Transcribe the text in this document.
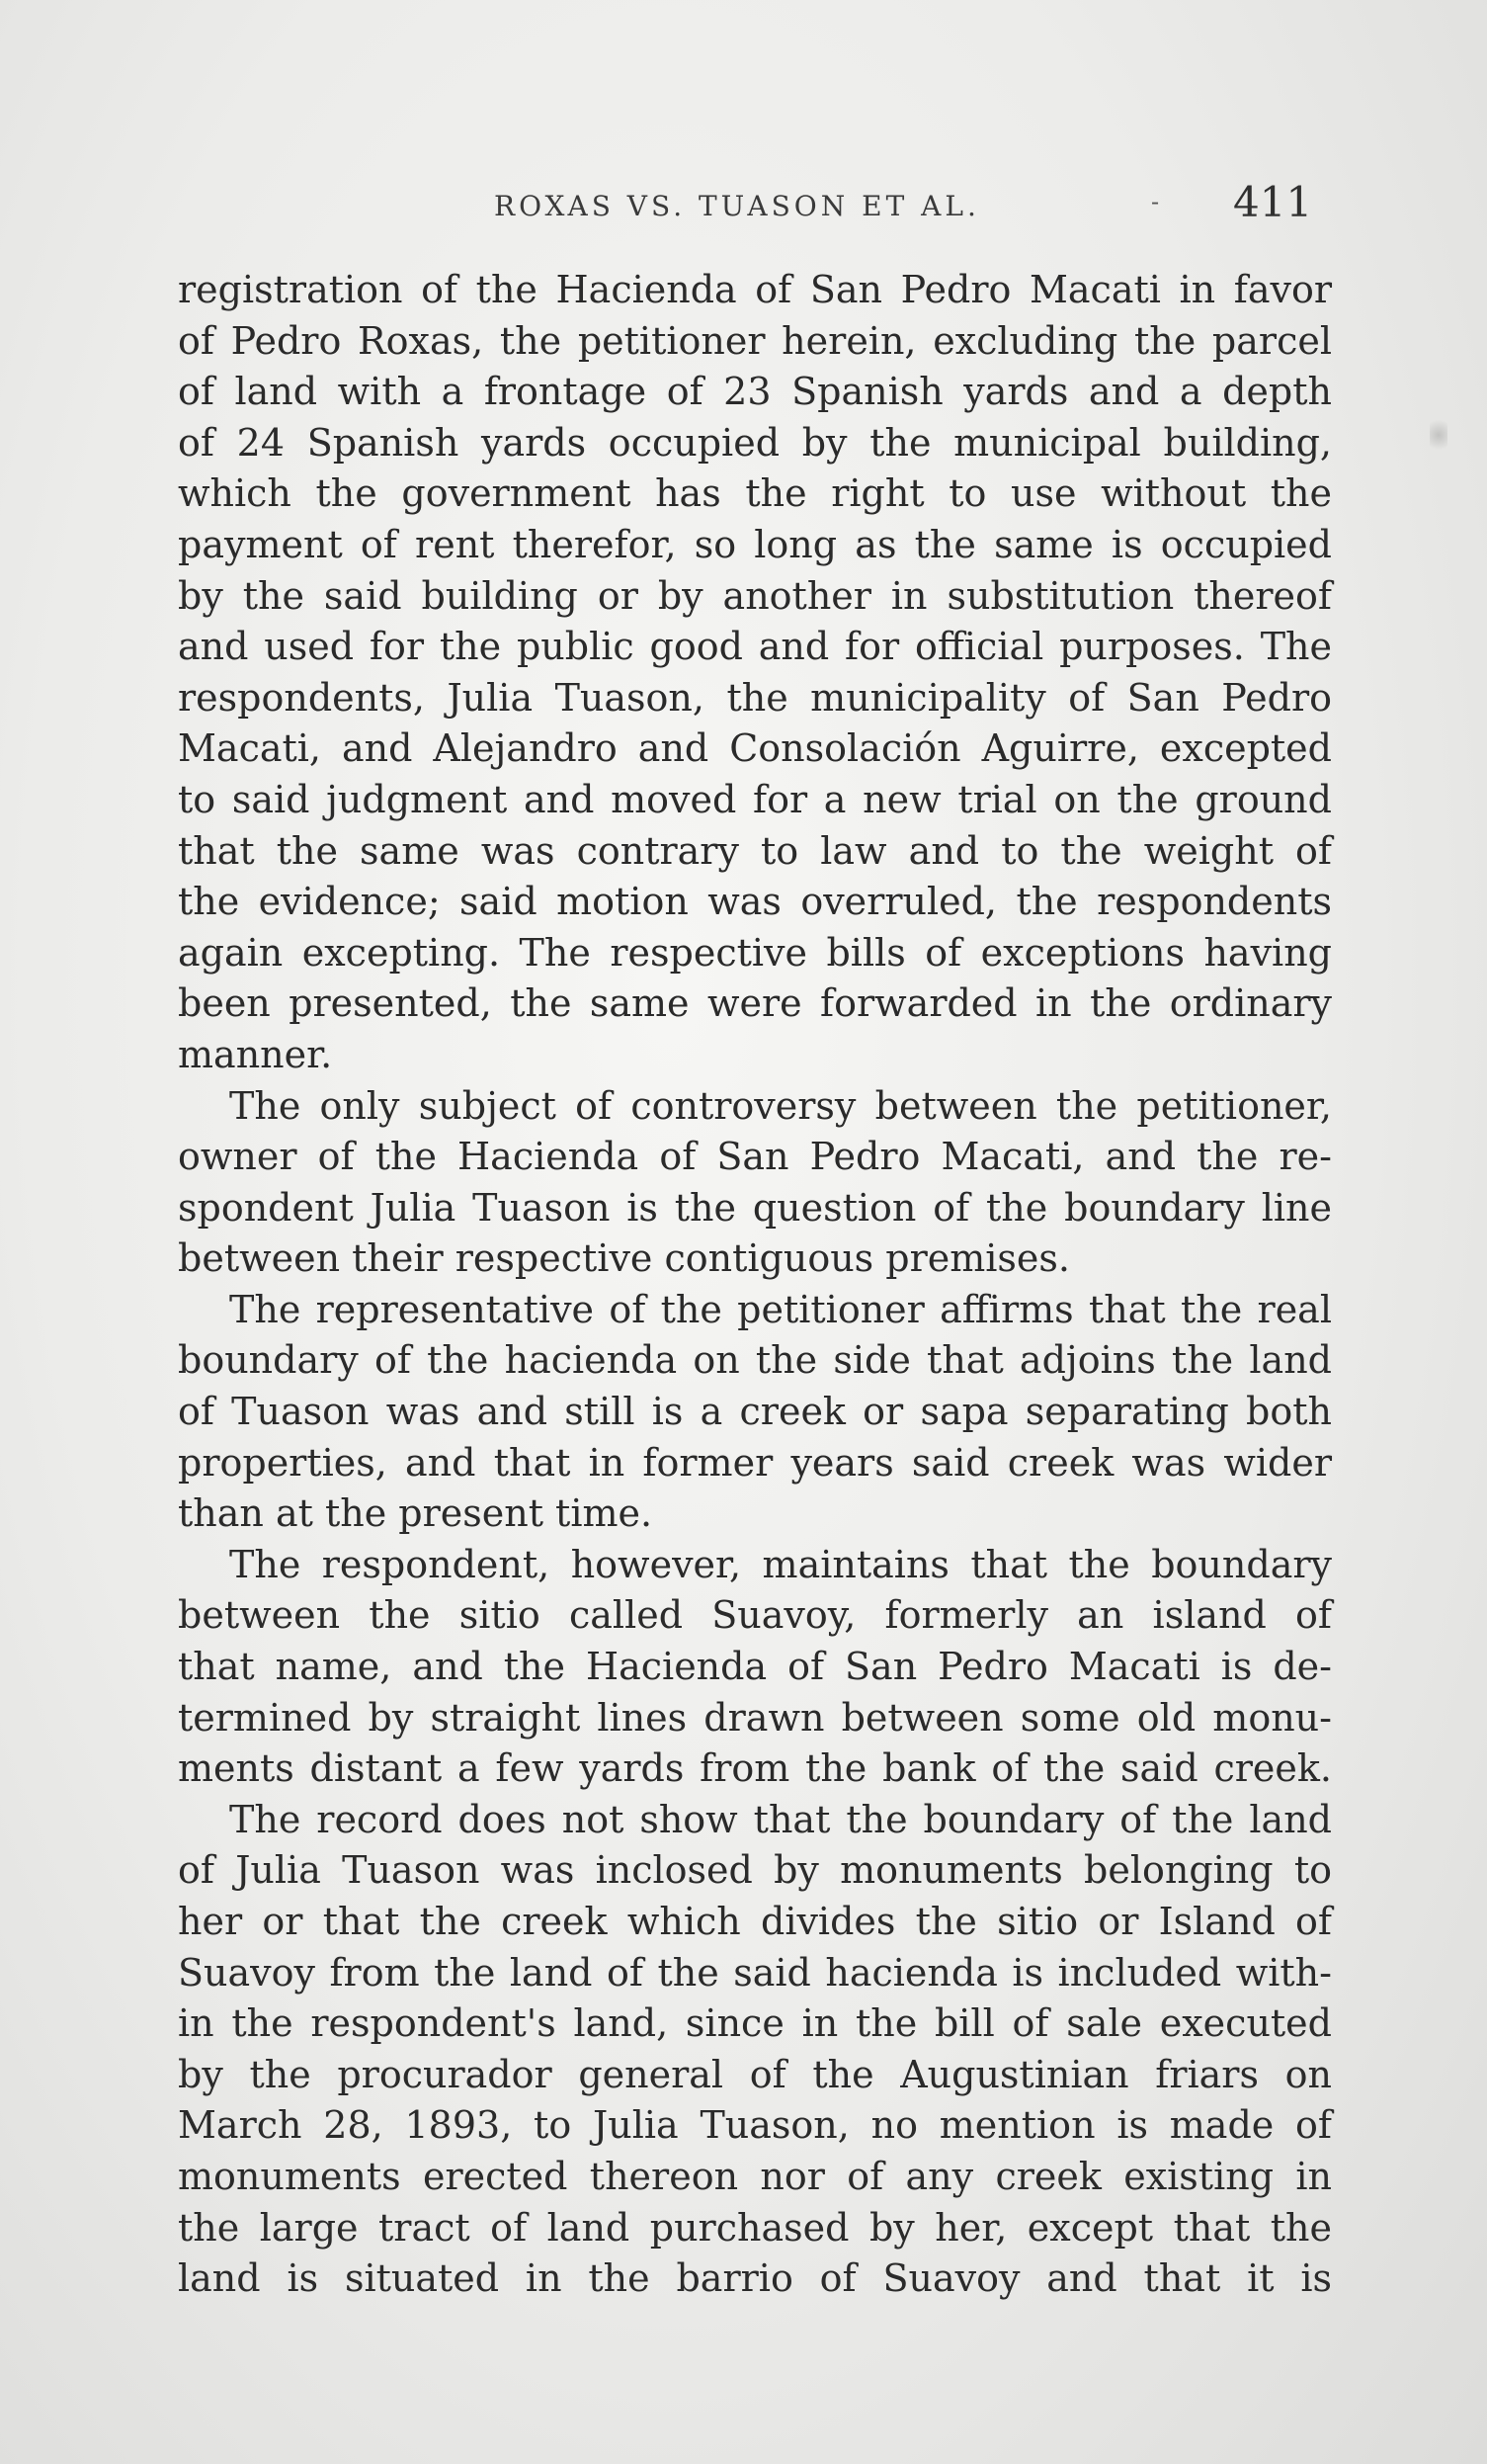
ROXAS VS. TUASON ET AL.	- 411
registration of the Hacienda of San Pedro Macati in favor
of Pedro Roxas, the petitioner herein, excluding the parcel
of land with a frontage of 23 Spanish yards and a depth
of 24 Spanish yards occupied by the municipal building,
which the government has the right to use without the
payment of rent therefor, so long as the same is occupied
by the said building or by another in substitution thereof
and used for the public good and for official purposes. The
respondents, Julia Tuason, the municipality of San Pedro
Macati, and Alejandro and Consolación Aguirre, excepted
to said judgment and moved for a new trial on the ground
that the same was contrary to law and to the weight of
the evidence; said motion was overruled, the respondents
again excepting. The respective bills of exceptions having
been presented, the same were forwarded in the ordinary
manner.
The only subject of controversy between the petitioner,
owner of the Hacienda of San Pedro Macati, and the re-
spondent Julia Tuason is the question of the boundary line
between their respective contiguous premises.
The representative of the petitioner affirms that the real
boundary of the hacienda on the side that adjoins the land
of Tuason was and still is a creek or sapa separating both
properties, and that in former years said creek was wider
than at the present time.
The respondent, however, maintains that the boundary
between the sitio called Suavoy, formerly an island of
that name, and the Hacienda of San Pedro Macati is de-
termined by straight lines drawn between some old monu-
ments distant a few yards from the bank of the said creek.
The record does not show that the boundary of the land
of Julia Tuason was inclosed by monuments belonging to
her or that the creek which divides the sitio or Island of
Suavoy from the land of the said hacienda is included with-
in the respondent's land, since in the bill of sale executed
by the procurador general of the Augustinian friars on
March 28, 1893, to Julia Tuason, no mention is made of
monuments erected thereon nor of any creek existing in
the large tract of land purchased by her, except that the
land is situated in the barrio of Suavoy and that it is
